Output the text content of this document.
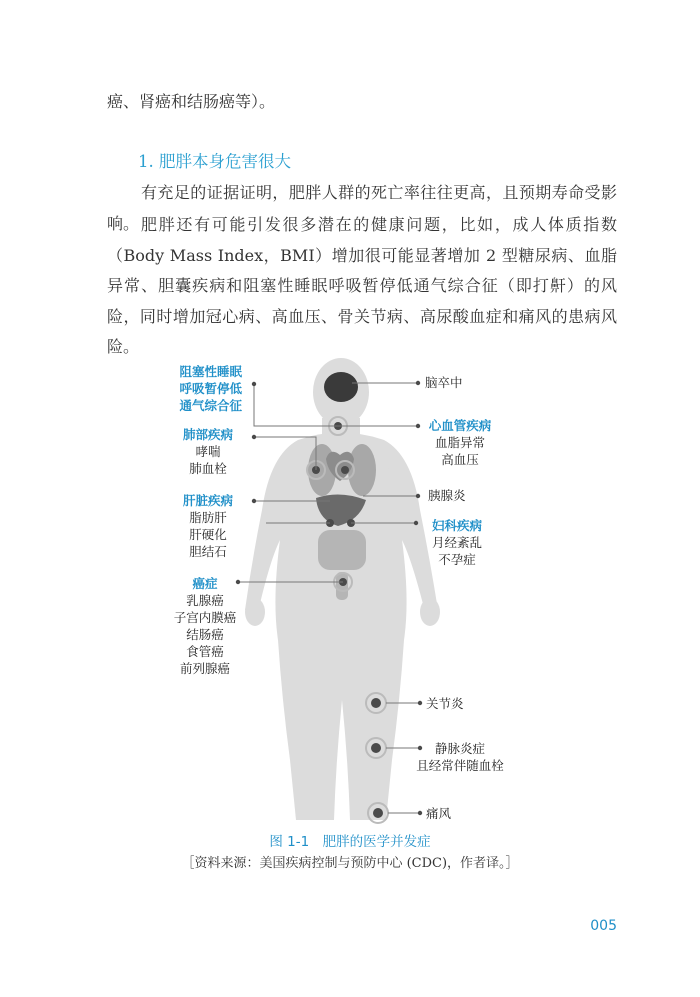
癌、肾癌和结肠癌等）。
1. 肥胖本身危害很大
有充足的证据证明，肥胖人群的死亡率往往更高，且预期寿命受影响。 肥胖还有可能引发很多潜在的健康问题，比如，成人体质指数（Body Mass Index，BMI）增加很可能显著增加 2 型糖尿病、血脂异常、胆囊疾病和阻塞性睡眠呼吸暂停低通气综合征（即打鼾）的风险，同时增加冠心病、高血压、骨关节病、高尿酸血症和痛风的患病风险。
阻塞性睡眠
呼吸暂停低
通气综合征
肺部疾病
哮喘
肺血栓
肝脏疾病
脂肪肝
肝硬化
胆结石
癌症
乳腺癌
子宫内膜癌
结肠癌
食管癌
前列腺癌
脑卒中
心血管疾病
血脂异常
高血压
胰腺炎
妇科疾病
月经紊乱
不孕症
关节炎
静脉炎症
且经常伴随血栓
痛风
图 1-1　肥胖的医学并发症
［资料来源：美国疾病控制与预防中心 (CDC)，作者译。］
005
